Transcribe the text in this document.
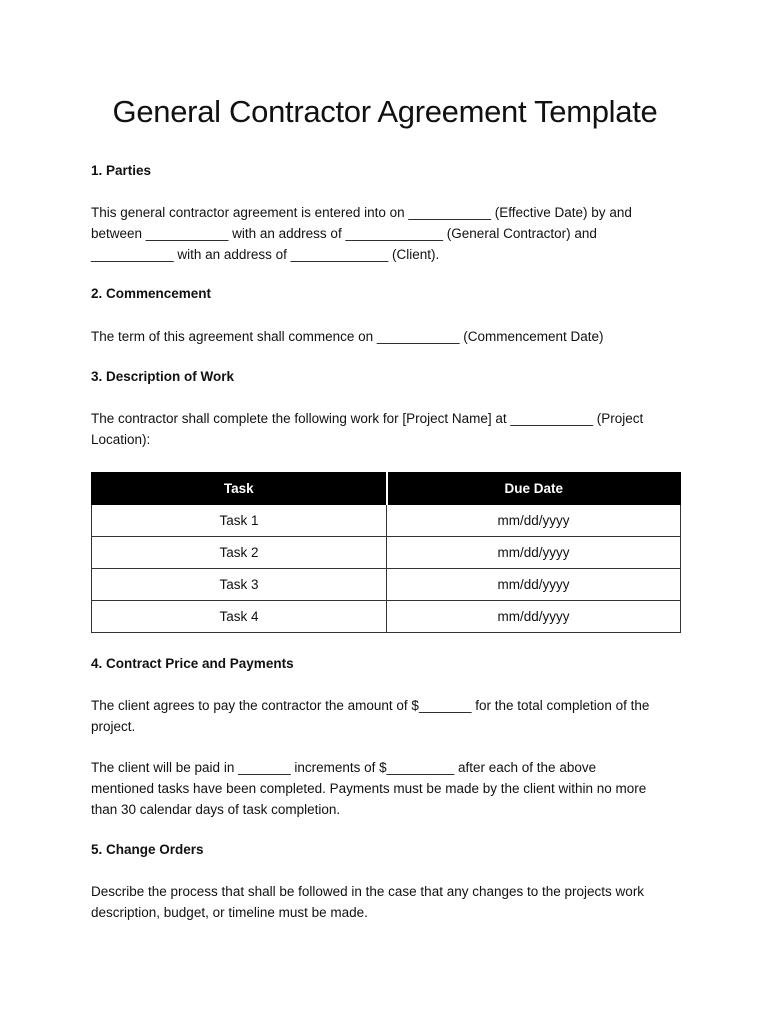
General Contractor Agreement Template
1. Parties

This general contractor agreement is entered into on ___________ (Effective Date) by and
between ___________ with an address of _____________ (General Contractor) and
___________ with an address of _____________ (Client).

2. Commencement

The term of this agreement shall commence on ___________ (Commencement Date)

3. Description of Work

The contractor shall complete the following work for [Project Name] at ___________ (Project
Location):

Task	Due Date
Task 1	mm/dd/yyyy
Task 2	mm/dd/yyyy
Task 3	mm/dd/yyyy
Task 4	mm/dd/yyyy
4. Contract Price and Payments

The client agrees to pay the contractor the amount of $_______ for the total completion of the
project.

The client will be paid in _______ increments of $_________ after each of the above
mentioned tasks have been completed. Payments must be made by the client within no more
than 30 calendar days of task completion.

5. Change Orders

Describe the process that shall be followed in the case that any changes to the projects work
description, budget, or timeline must be made.
